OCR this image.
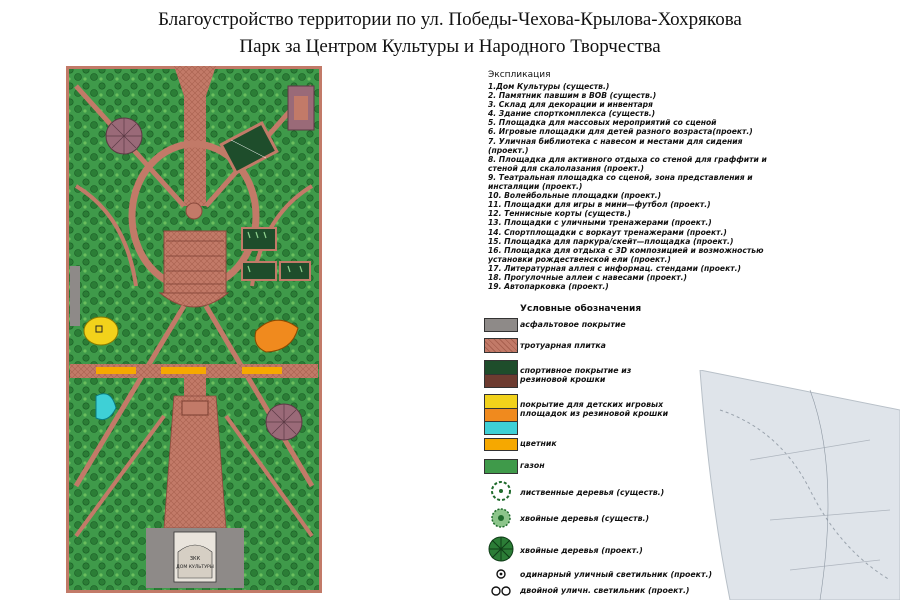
Благоустройство территории по ул. Победы-Чехова-Крылова-Хохрякова
Парк за Центром Культуры и Народного Творчества
ЗКК
ДОМ КУЛЬТУРЫ
Экспликация
1.Дом Культуры (существ.)
2. Памятник павшим в ВОВ (существ.)
3. Склад для декорации и инвентаря
4. Здание спорткомплекса (существ.)
5. Площадка для массовых мероприятий со сценой
6. Игровые площадки для детей разного возраста(проект.)
7. Уличная библиотека с навесом и местами для сидения (проект.)
8. Площадка для активного отдыха со стеной для граффити и стеной для скалолазания (проект.)
9. Театральная площадка со сценой, зона представления и инсталяции (проект.)
10. Волейбольные площадки (проект.)
11. Площадки для игры в мини—футбол (проект.)
12. Теннисные корты (существ.)
13. Площадки с уличными тренажерами (проект.)
14. Спортплощадки с воркаут тренажерами (проект.)
15. Площадка для паркура/скейт—площадка (проект.)
16. Площадка для отдыха с 3D композицией и возможностью установки рождественской ели (проект.)
17. Литературная аллея с информац. стендами (проект.)
18. Прогулочные аллеи с навесами (проект.)
19. Автопарковка (проект.)
Условные обозначения
асфальтовое покрытие
тротуарная плитка
спортивное покрытие из резиновой крошки
покрытие для детских игровых площадок из резиновой крошки
цветник
газон
лиственные деревья (существ.)
хвойные деревья (существ.)
хвойные деревья (проект.)
одинарный уличный светильник (проект.)
двойной уличн. светильник (проект.)
